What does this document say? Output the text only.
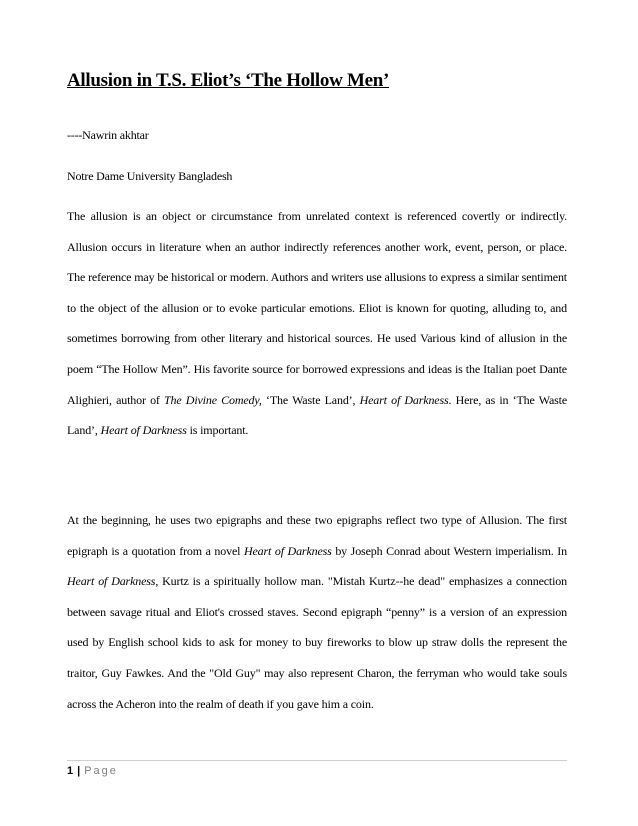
Allusion in T.S. Eliot’s ‘The Hollow Men’

----Nawrin akhtar

Notre Dame University Bangladesh

The allusion is an object or circumstance from unrelated context is referenced covertly or indirectly. Allusion occurs in literature when an author indirectly references another work, event, person, or place. The reference may be historical or modern. Authors and writers use allusions to express a similar sentiment to the object of the allusion or to evoke particular emotions. Eliot is known for quoting, alluding to, and sometimes borrowing from other literary and historical sources. He used Various kind of allusion in the poem “The Hollow Men”. His favorite source for borrowed expressions and ideas is the Italian poet Dante Alighieri, author of The Divine Comedy, ‘The Waste Land’, Heart of Darkness. Here, as in ‘The Waste Land’, Heart of Darkness is important.

At the beginning, he uses two epigraphs and these two epigraphs reflect two type of Allusion. The first epigraph is a quotation from a novel Heart of Darkness by Joseph Conrad about Western imperialism. In Heart of Darkness, Kurtz is a spiritually hollow man. "Mistah Kurtz--he dead" emphasizes a connection between savage ritual and Eliot's crossed staves. Second epigraph “penny” is a version of an expression used by English school kids to ask for money to buy fireworks to blow up straw dolls the represent the traitor, Guy Fawkes. And the "Old Guy" may also represent Charon, the ferryman who would take souls across the Acheron into the realm of death if you gave him a coin.

1 | Page
